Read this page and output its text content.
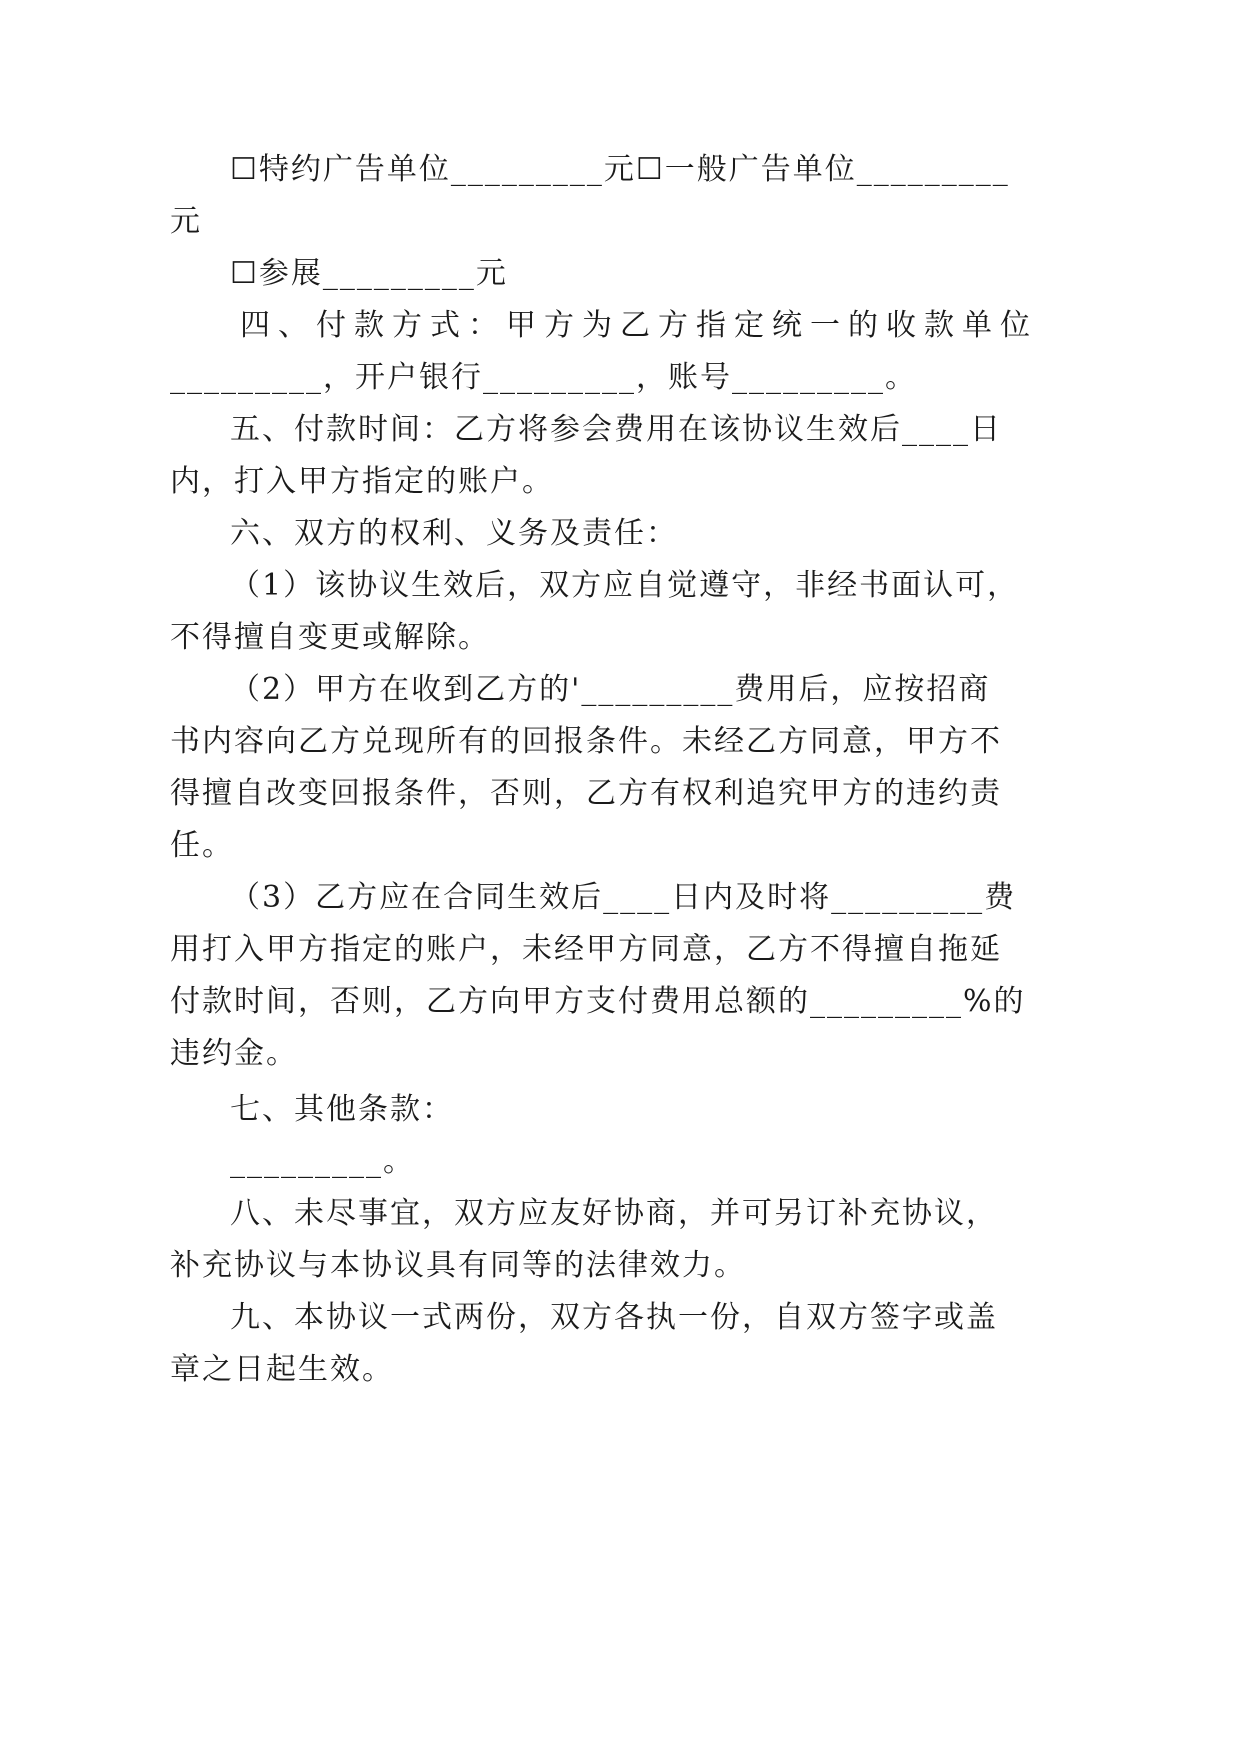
☐特约广告单位_________元☐一般广告单位_________
元
☐参展_________元
四、付款方式：甲方为乙方指定统一的收款单位
_________，开户银行_________，账号_________。
五、付款时间：乙方将参会费用在该协议生效后____日
内，打入甲方指定的账户。
六、双方的权利、义务及责任：
（1）该协议生效后，双方应自觉遵守，非经书面认可，
不得擅自变更或解除。
（2）甲方在收到乙方的'_________费用后，应按招商
书内容向乙方兑现所有的回报条件。未经乙方同意，甲方不
得擅自改变回报条件，否则，乙方有权利追究甲方的违约责
任。
（3）乙方应在合同生效后____日内及时将_________费
用打入甲方指定的账户，未经甲方同意，乙方不得擅自拖延
付款时间，否则，乙方向甲方支付费用总额的_________%的
违约金。
七、其他条款：
_________。
八、未尽事宜，双方应友好协商，并可另订补充协议，
补充协议与本协议具有同等的法律效力。
九、本协议一式两份，双方各执一份，自双方签字或盖
章之日起生效。
